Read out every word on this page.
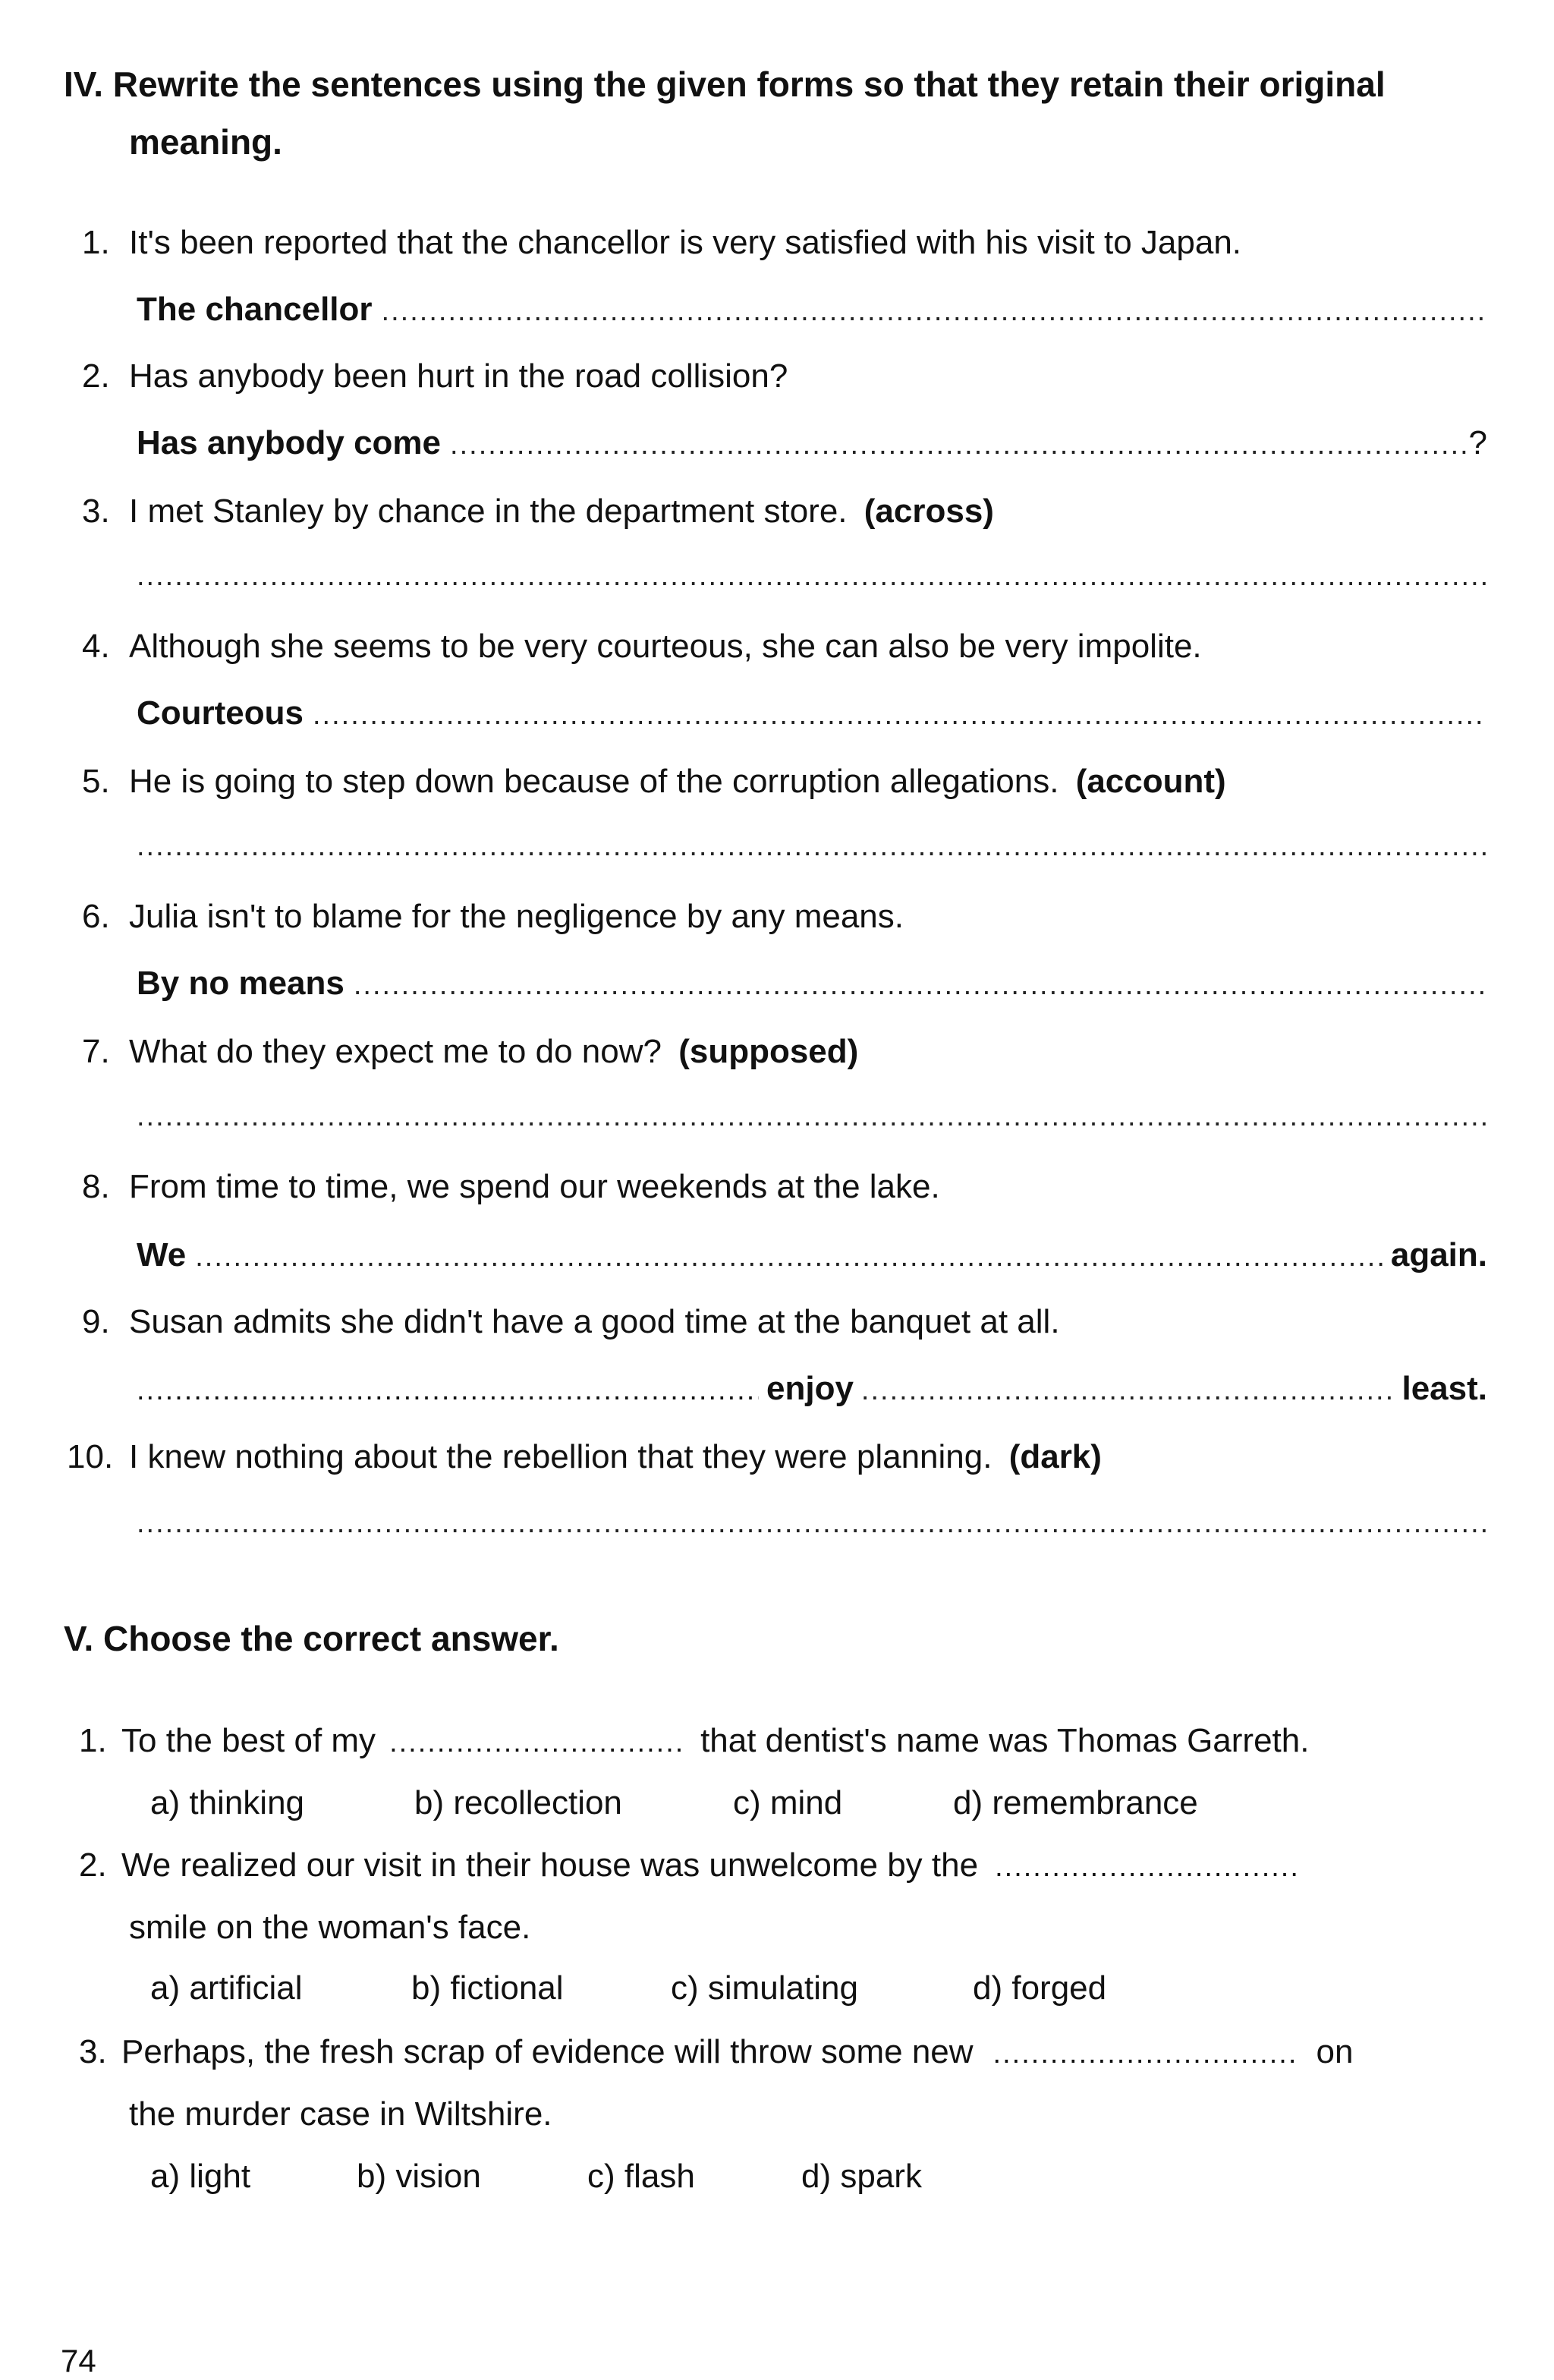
IV. Rewrite the sentences using the given forms so that they retain their original
meaning.
1. It's been reported that the chancellor is very satisfied with his visit to Japan.
The chancellor
.....
2. Has anybody been hurt in the road collision?
Has anybody come .....	?
3. I met Stanley by chance in the department store. (across)
.....
4. Although she seems to be very courteous, she can also be very impolite.
Courteous
.....
5. He is going to step down because of the corruption allegations. (account)
.....
6. Julia isn't to blame for the negligence by any means.
By no means
.....
7. What do they expect me to do now? (supposed)
.....
8. From time to time, we spend our weekends at the lake.
We .....	again.
9. Susan admits she didn't have a good time at the banquet at all.
.....
enjoy .....	least.
10. I knew nothing about the rebellion that they were planning. (dark)
.....
V. Choose the correct answer.
1. To the best of my .....	that dentist's name was Thomas Garreth.
a) thinking	b) recollection	c) mind	d) remembrance
2. We realized our visit in their house was unwelcome by the
.....
smile on the woman's face.
a) artificial	b) fictional	c) simulating	d) forged
3. Perhaps, the fresh scrap of evidence will throw some new .....	on
the murder case in Wiltshire.
a) light	b) vision	c) flash	d) spark
74
